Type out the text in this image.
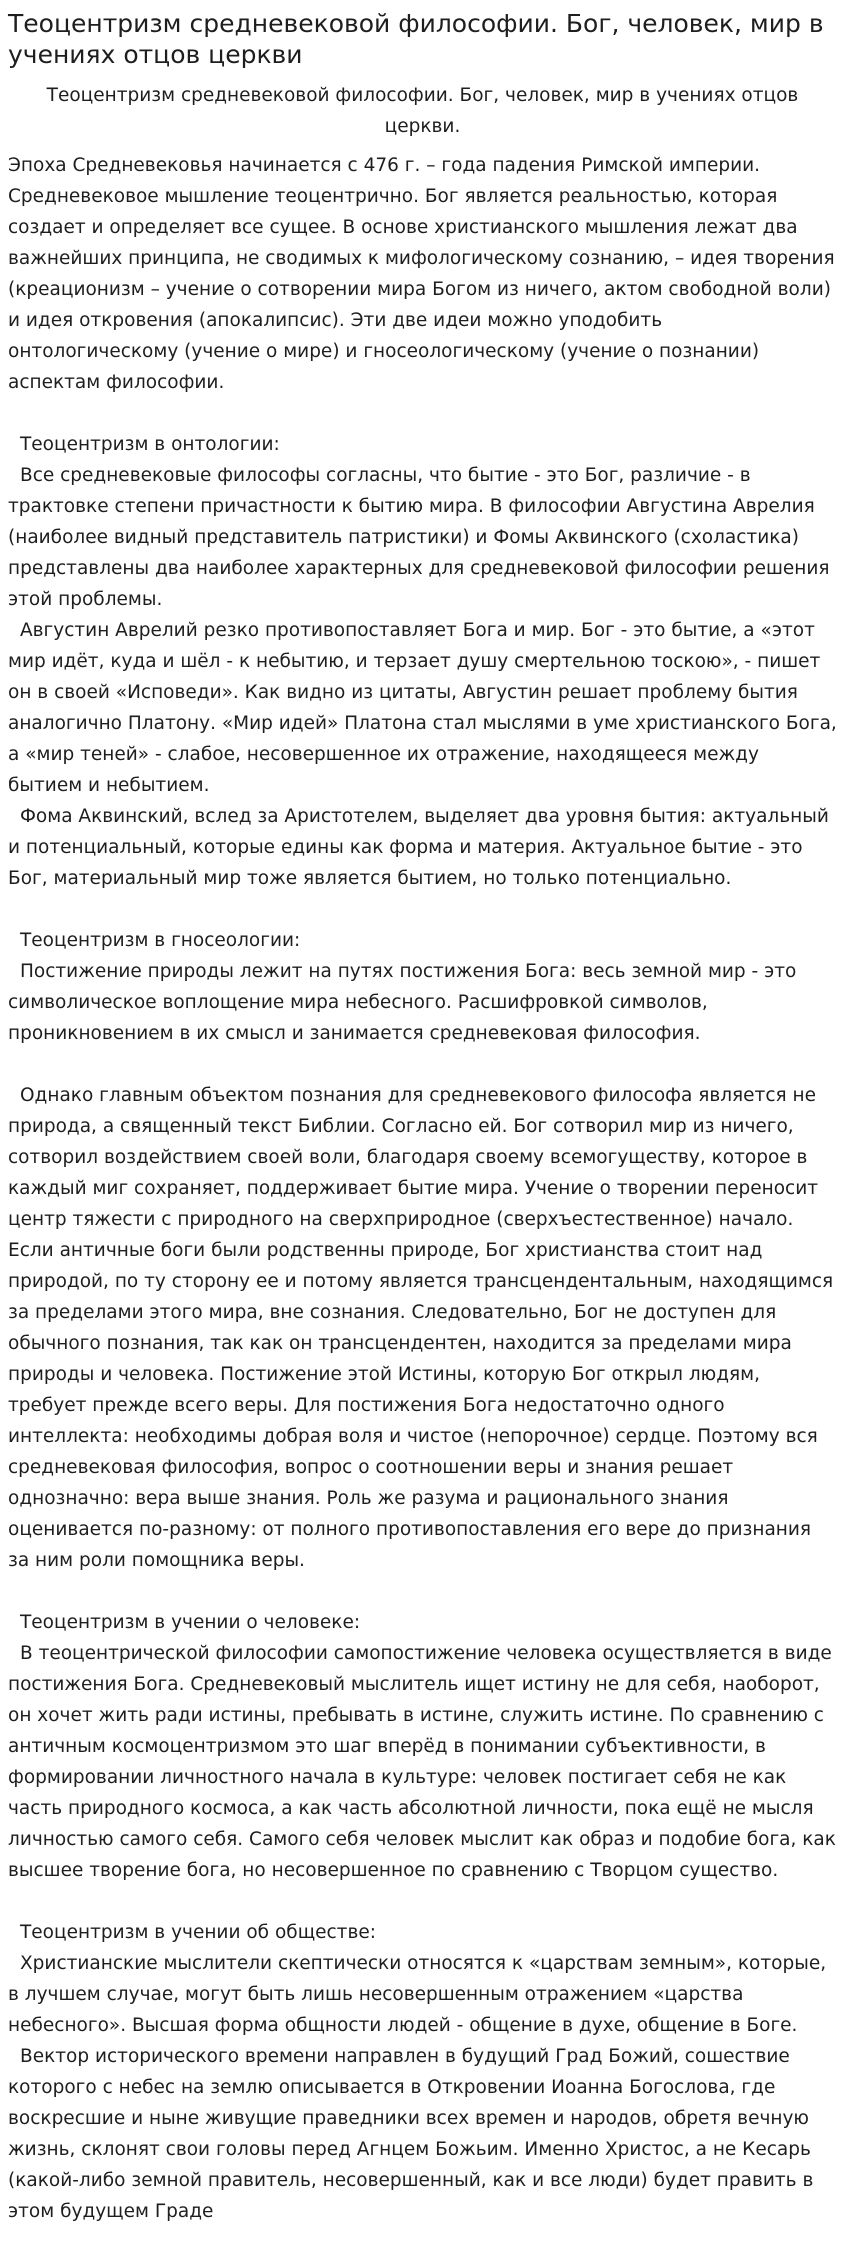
Теоцентризм средневековой философии. Бог, человек, мир в учениях отцов церкви
Теоцентризм средневековой философии. Бог, человек, мир в учениях отцов церкви.

Эпоха Средневековья начинается с 476 г. – года падения Римской империи. Средневековое мышление теоцентрично. Бог является реальностью, которая создает и определяет все сущее. В основе христианского мышления лежат два важнейших принципа, не сводимых к мифологическому сознанию, – идея творения (креационизм – учение о сотворении мира Богом из ничего, актом свободной воли) и идея откровения (апокалипсис). Эти две идеи можно уподобить онтологическому (учение о мире) и гносеологическому (учение о познании) аспектам философии.

Теоцентризм в онтологии:

Все средневековые философы согласны, что бытие - это Бог, различие - в трактовке степени причастности к бытию мира. В философии Августина Аврелия (наиболее видный представитель патристики) и Фомы Аквинского (схоластика) представлены два наиболее характерных для средневековой философии решения этой проблемы.

Августин Аврелий резко противопоставляет Бога и мир. Бог - это бытие, а «этот мир идёт, куда и шёл - к небытию, и терзает душу смертельною тоскою», - пишет он в своей «Исповеди». Как видно из цитаты, Августин решает проблему бытия аналогично Платону. «Мир идей» Платона стал мыслями в уме христианского Бога, а «мир теней» - слабое, несовершенное их отражение, находящееся между бытием и небытием.

Фома Аквинский, вслед за Аристотелем, выделяет два уровня бытия: актуальный и потенциальный, которые едины как форма и материя. Актуальное бытие - это Бог, материальный мир тоже является бытием, но только потенциально.

Теоцентризм в гносеологии:

Постижение природы лежит на путях постижения Бога: весь земной мир - это символическое воплощение мира небесного. Расшифровкой символов, проникновением в их смысл и занимается средневековая философия.

Однако главным объектом познания для средневекового философа является не природа, а священный текст Библии. Согласно ей. Бог сотворил мир из ничего, сотворил воздействием своей воли, благодаря своему всемогуществу, которое в каждый миг сохраняет, поддерживает бытие мира. Учение о творении переносит центр тяжести с природного на сверхприродное (сверхъестественное) начало. Если античные боги были родственны природе, Бог христианства стоит над природой, по ту сторону ее и потому является трансцендентальным, находящимся за пределами этого мира, вне сознания. Следовательно, Бог не доступен для обычного познания, так как он трансцендентен, находится за пределами мира природы и человека. Постижение этой Истины, которую Бог открыл людям, требует прежде всего веры. Для постижения Бога недостаточно одного интеллекта: необходимы добрая воля и чистое (непорочное) сердце. Поэтому вся средневековая философия, вопрос о соотношении веры и знания решает однозначно: вера выше знания. Роль же разума и рационального знания оценивается по-разному: от полного противопоставления его вере до признания за ним роли помощника веры.

Теоцентризм в учении о человеке:

В теоцентрической философии самопостижение человека осуществляется в виде постижения Бога. Средневековый мыслитель ищет истину не для себя, наоборот, он хочет жить ради истины, пребывать в истине, служить истине. По сравнению с античным космоцентризмом это шаг вперёд в понимании субъективности, в формировании личностного начала в культуре: человек постигает себя не как часть природного космоса, а как часть абсолютной личности, пока ещё не мысля личностью самого себя. Самого себя человек мыслит как образ и подобие бога, как высшее творение бога, но несовершенное по сравнению с Творцом существо.

Теоцентризм в учении об обществе:

Христианские мыслители скептически относятся к «царствам земным», которые, в лучшем случае, могут быть лишь несовершенным отражением «царства небесного». Высшая форма общности людей - общение в духе, общение в Боге.

Вектор исторического времени направлен в будущий Град Божий, сошествие которого с небес на землю описывается в Откровении Иоанна Богослова, где воскресшие и ныне живущие праведники всех времен и народов, обретя вечную жизнь, склонят свои головы перед Агнцем Божьим. Именно Христос, а не Кесарь (какой-либо земной правитель, несовершенный, как и все люди) будет править в этом будущем Граде
